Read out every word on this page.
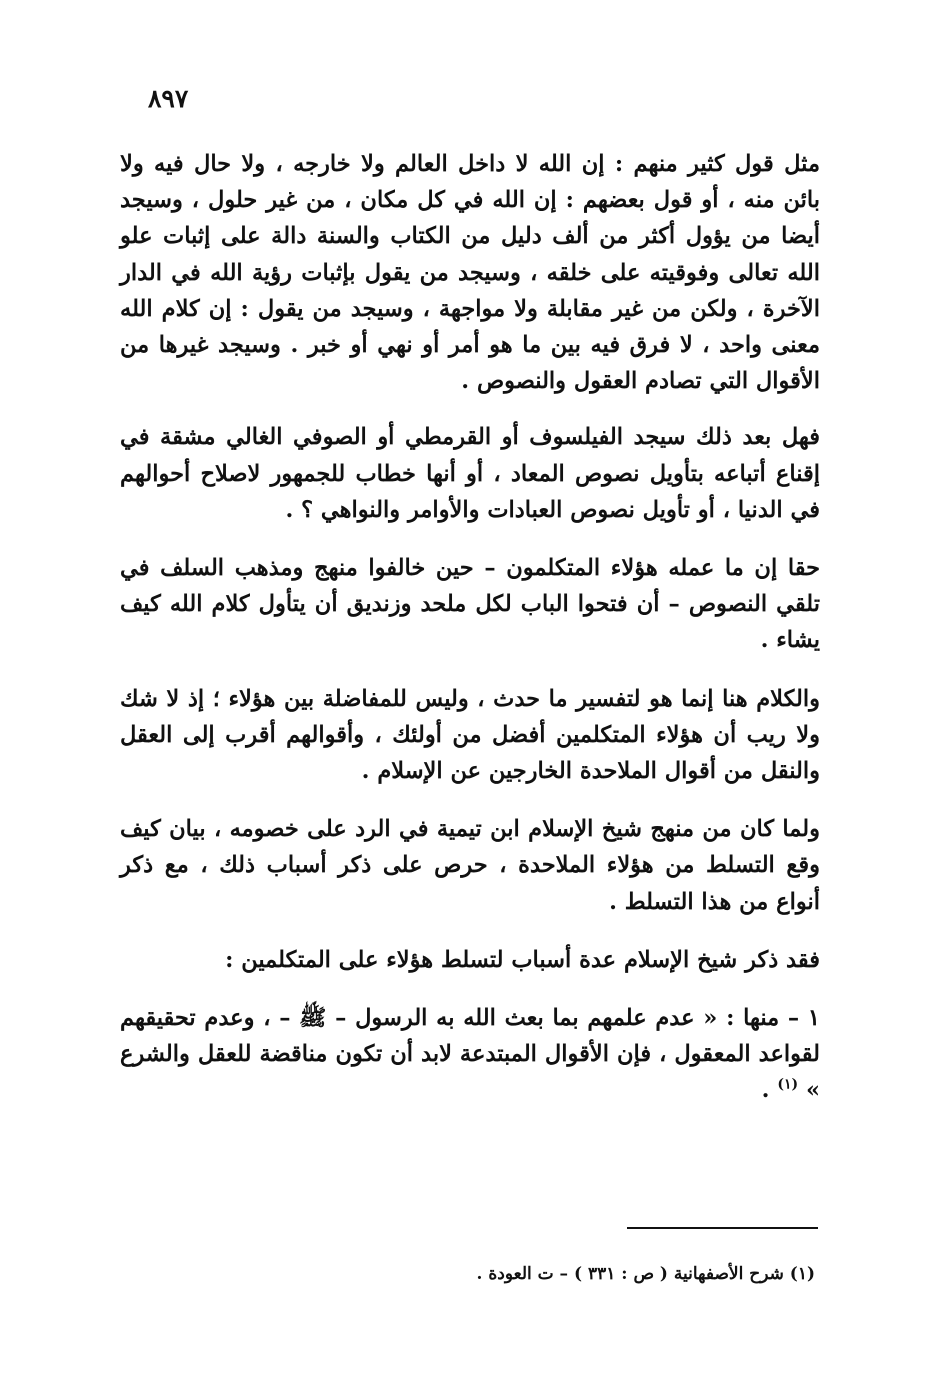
٨٩٧

مثل قول كثير منهم : إن الله لا داخل العالم ولا خارجه ، ولا حال فيه ولا بائن منه ، أو قول بعضهم : إن الله في كل مكان ، من غير حلول ، وسيجد أيضا من يؤول أكثر من ألف دليل من الكتاب والسنة دالة على إثبات علو الله تعالى وفوقيته على خلقه ، وسيجد من يقول بإثبات رؤية الله في الدار الآخرة ، ولكن من غير مقابلة ولا مواجهة ، وسيجد من يقول : إن كلام الله معنى واحد ، لا فرق فيه بين ما هو أمر أو نهي أو خبر . وسيجد غيرها من الأقوال التي تصادم العقول والنصوص .

فهل بعد ذلك سيجد الفيلسوف أو القرمطي أو الصوفي الغالي مشقة في إقناع أتباعه بتأويل نصوص المعاد ، أو أنها خطاب للجمهور لاصلاح أحوالهم في الدنيا ، أو تأويل نصوص العبادات والأوامر والنواهي ؟ .

حقا إن ما عمله هؤلاء المتكلمون – حين خالفوا منهج ومذهب السلف في تلقي النصوص – أن فتحوا الباب لكل ملحد وزنديق أن يتأول كلام الله كيف يشاء .

والكلام هنا إنما هو لتفسير ما حدث ، وليس للمفاضلة بين هؤلاء ؛ إذ لا شك ولا ريب أن هؤلاء المتكلمين أفضل من أولئك ، وأقوالهم أقرب إلى العقل والنقل من أقوال الملاحدة الخارجين عن الإسلام .

ولما كان من منهج شيخ الإسلام ابن تيمية في الرد على خصومه ، بيان كيف وقع التسلط من هؤلاء الملاحدة ، حرص على ذكر أسباب ذلك ، مع ذكر أنواع من هذا التسلط .

فقد ذكر شيخ الإسلام عدة أسباب لتسلط هؤلاء على المتكلمين :

١ – منها : « عدم علمهم بما بعث الله به الرسول – ﷺ – ، وعدم تحقيقهم لقواعد المعقول ، فإن الأقوال المبتدعة لابد أن تكون مناقضة للعقل والشرع » $^{(١)}$ .

(١) شرح الأصفهانية ( ص : ٣٣١ ) – ت العودة .
